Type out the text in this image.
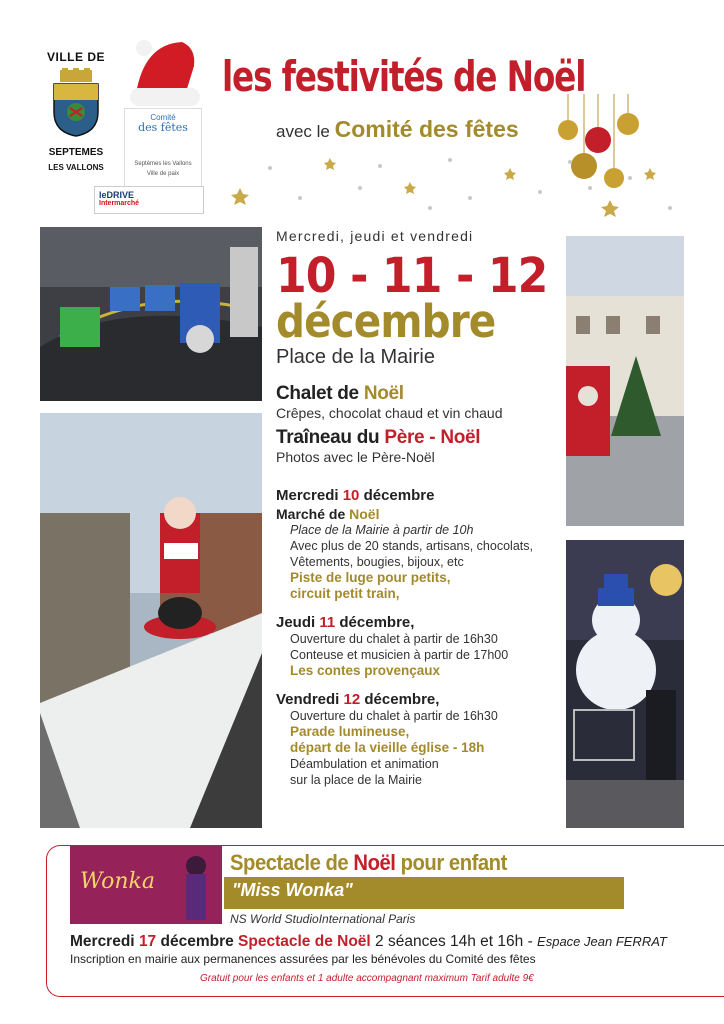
VILLE DE
SEPTEMES
LES VALLONS
Comité
des fêtes
Septèmes les Vallons
Ville de paix
leDRIVE
Intermarché
les festivités de Noël
avec le Comité des fêtes
Mercredi, jeudi et vendredi
10 - 11 - 12
décembre
Place de la Mairie
Chalet de Noël
Crêpes, chocolat chaud et vin chaud
Traîneau du Père - Noël
Photos avec le Père-Noël
Mercredi 10 décembre
Marché de Noël
Place de la Mairie à partir de 10h
Avec plus de 20 stands, artisans, chocolats,
Vêtements, bougies, bijoux, etc
Piste de luge pour petits,
circuit petit train,
Jeudi 11 décembre,
Ouverture du chalet à partir de 16h30
Conteuse et musicien à partir de 17h00
Les contes provençaux
Vendredi 12 décembre,
Ouverture du chalet à partir de 16h30
Parade lumineuse,
départ de la vieille église - 18h
Déambulation et animation
sur la place de la Mairie
Wonka
Spectacle de Noël pour enfant
"Miss Wonka"
NS World StudioInternational Paris
Mercredi 17 décembre Spectacle de Noël 2 séances 14h et 16h - Espace Jean FERRAT
Inscription en mairie aux permanences assurées par les bénévoles du Comité des fêtes
Gratuit pour les enfants et 1 adulte accompagnant maximum Tarif adulte 9€
